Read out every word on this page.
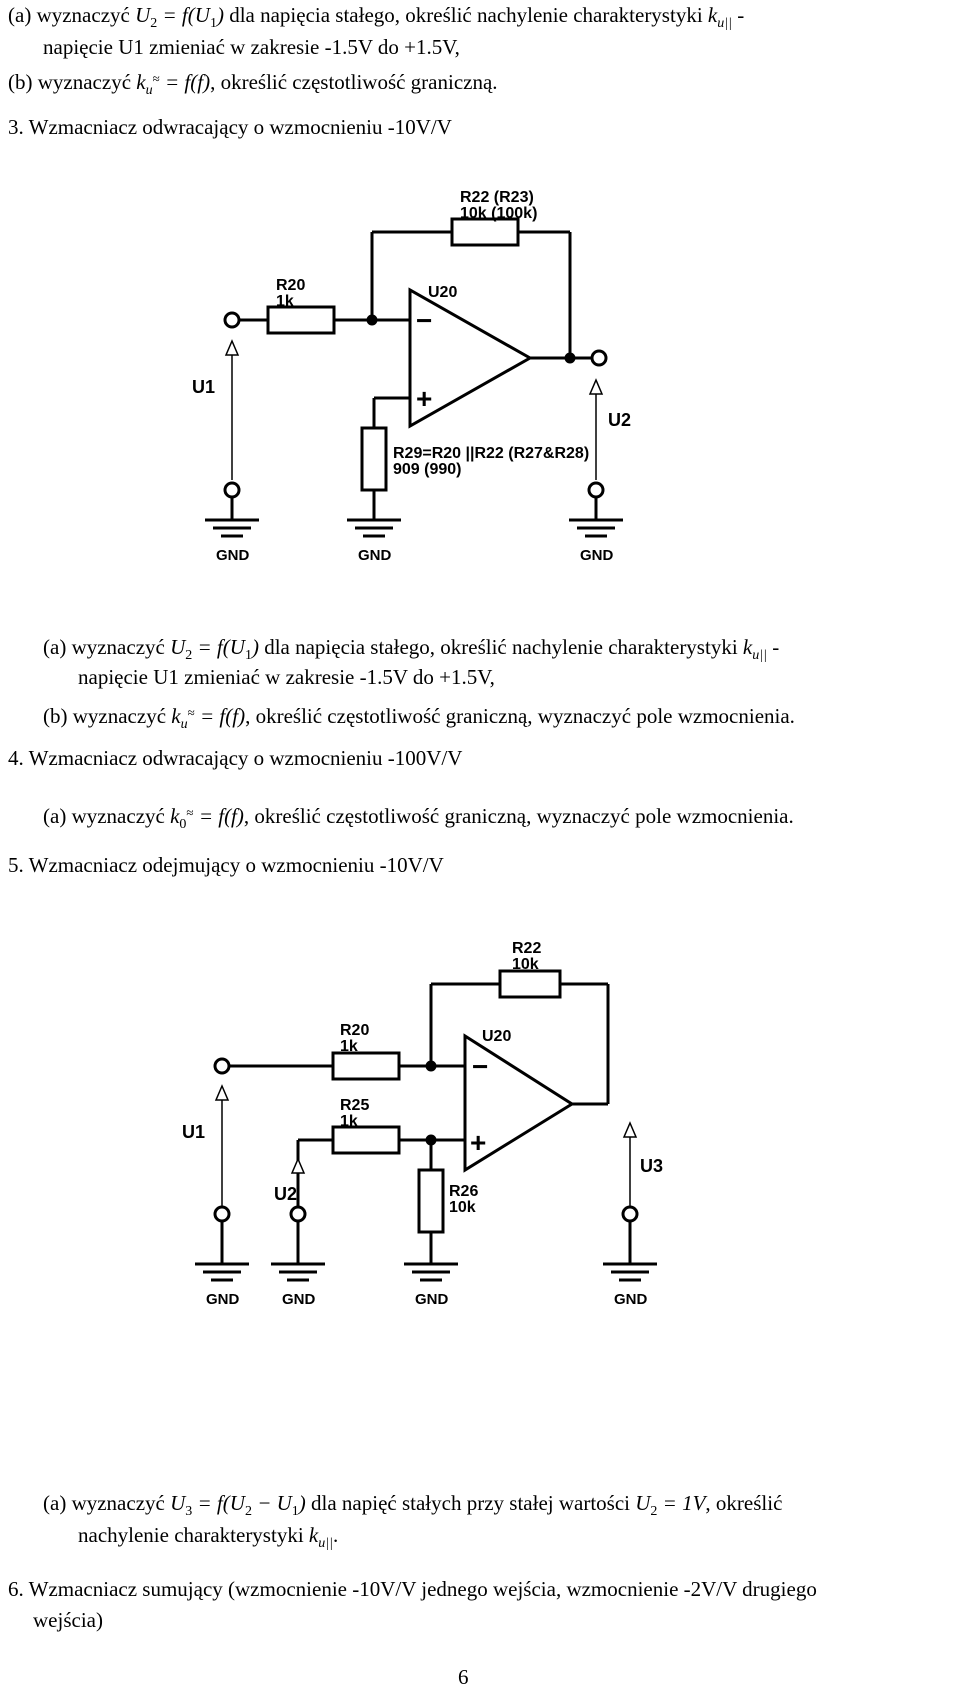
(a) wyznaczyć $U_2 = f(U_1)$ dla napięcia stałego, określić nachylenie charakterystyki $k_{u||}$ -
napięcie U1 zmieniać w zakresie -1.5V do +1.5V,
(b) wyznaczyć $k_u^\approx = f(f)$, określić częstotliwość graniczną.
3. Wzmacniacz odwracający o wzmocnieniu -10V/V
R22 (R23)
10k (100k)
R20
1k
U20
−
+
U1
U2
R29=R20 ||R22 (R27&R28)
909 (990)
GND	GND	GND
(a) wyznaczyć $U_2 = f(U_1)$ dla napięcia stałego, określić nachylenie charakterystyki $k_{u||}$ -
napięcie U1 zmieniać w zakresie -1.5V do +1.5V,
(b) wyznaczyć $k_u^\approx = f(f)$, określić częstotliwość graniczną, wyznaczyć pole wzmocnienia.
4. Wzmacniacz odwracający o wzmocnieniu -100V/V
(a) wyznaczyć $k_0^\approx = f(f)$, określić częstotliwość graniczną, wyznaczyć pole wzmocnienia.
5. Wzmacniacz odejmujący o wzmocnieniu -10V/V
R22
10k
R20
1k
U20
−
+
R25
1k
U1
U2
U3
R26
10k
GND	GND	GND	GND
(a) wyznaczyć $U_3 = f(U_2 - U_1)$ dla napięć stałych przy stałej wartości $U_2 = 1V$, określić
nachylenie charakterystyki $k_{u||}$.
6. Wzmacniacz sumujący (wzmocnienie -10V/V jednego wejścia, wzmocnienie -2V/V drugiego
wejścia)
6
